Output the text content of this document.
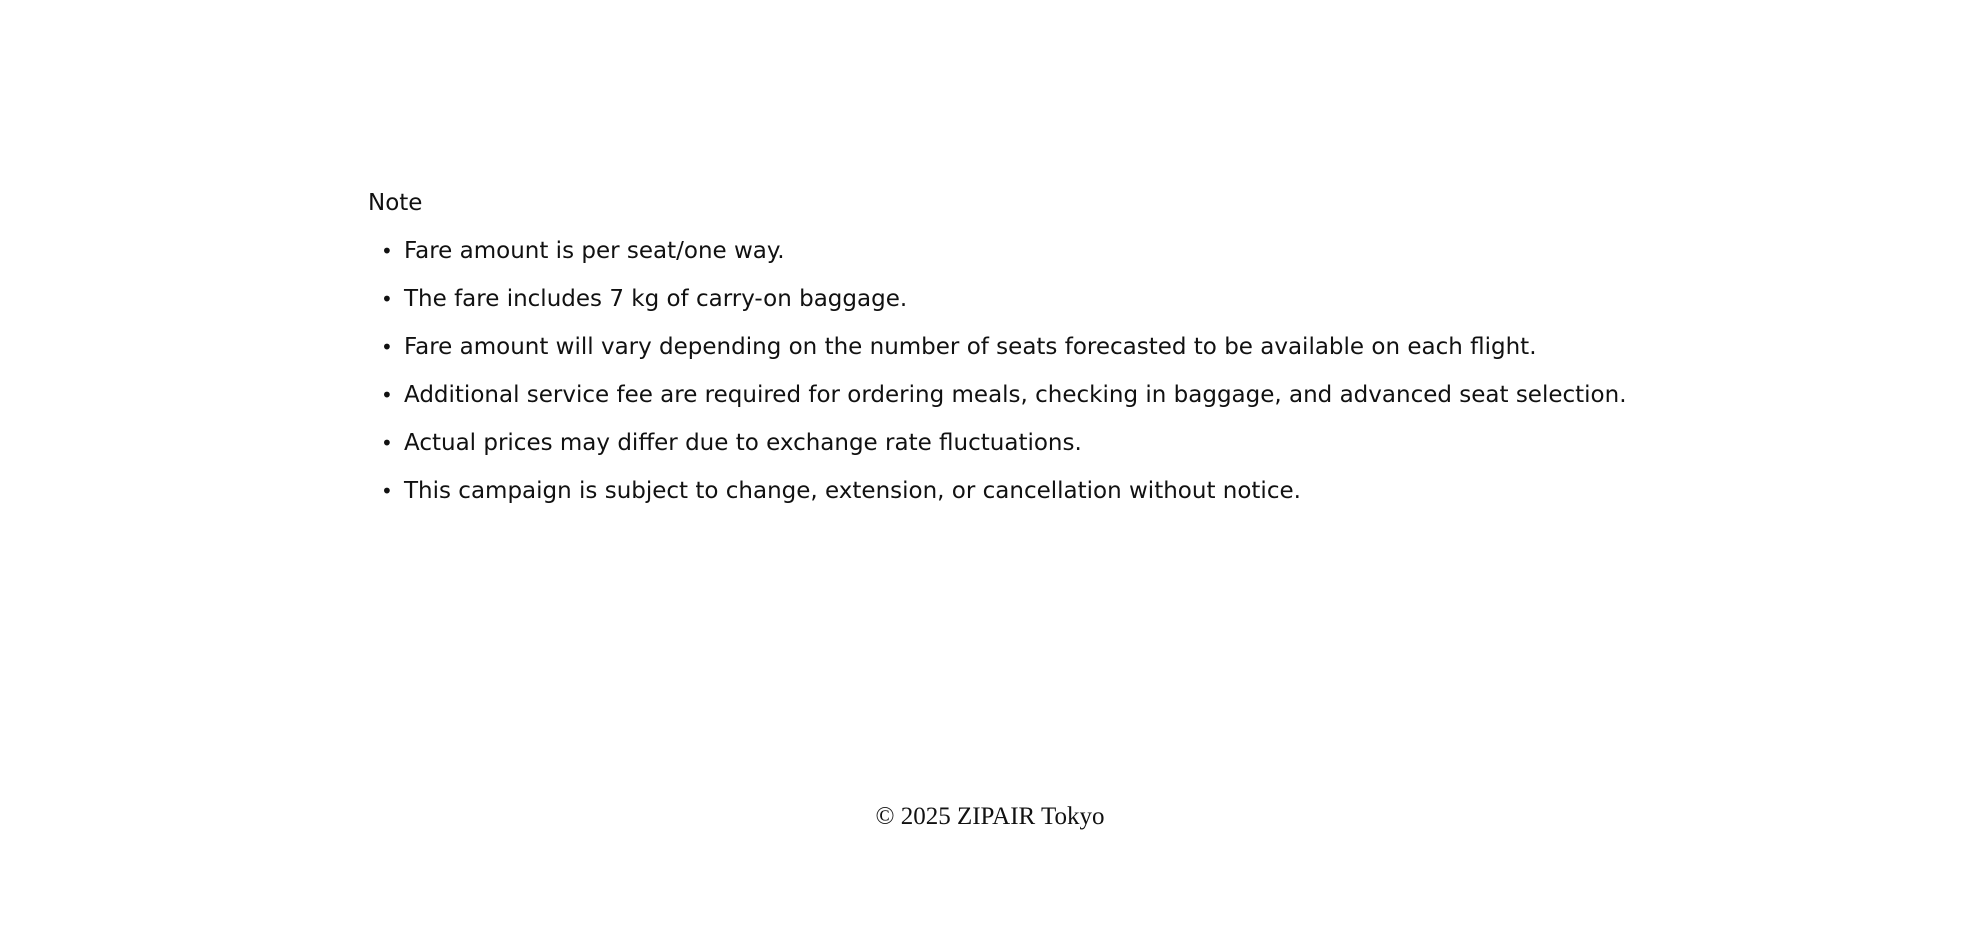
Note
• Fare amount is per seat/one way.
• The fare includes 7 kg of carry-on baggage.
• Fare amount will vary depending on the number of seats forecasted to be available on each flight.
• Additional service fee are required for ordering meals, checking in baggage, and advanced seat selection.
• Actual prices may differ due to exchange rate fluctuations.
• This campaign is subject to change, extension, or cancellation without notice.
© 2025 ZIPAIR Tokyo
